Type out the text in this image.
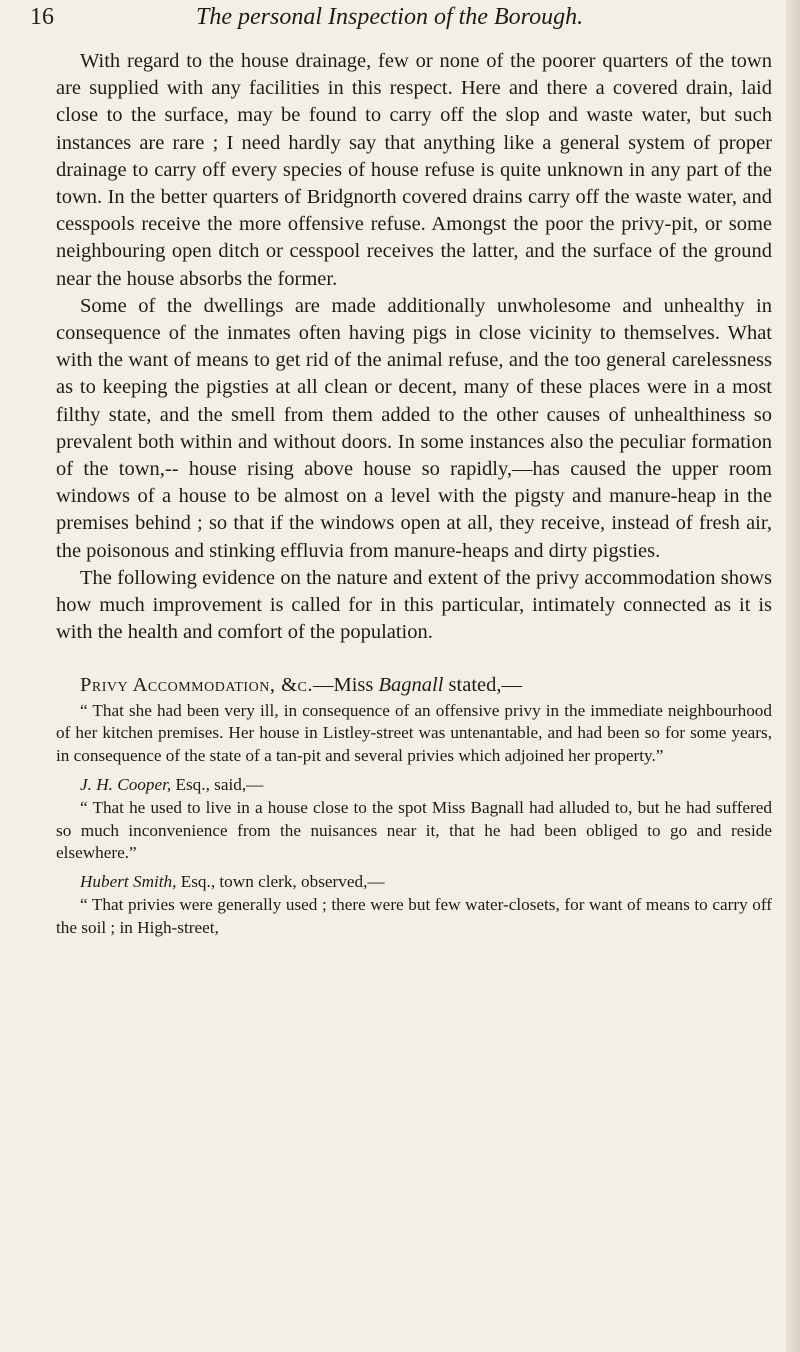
16	The personal Inspection of the Borough.

With regard to the house drainage, few or none of the poorer quarters of the town are supplied with any facilities in this respect. Here and there a covered drain, laid close to the surface, may be found to carry off the slop and waste water, but such instances are rare ; I need hardly say that anything like a general system of proper drainage to carry off every species of house refuse is quite unknown in any part of the town. In the better quarters of Bridgnorth covered drains carry off the waste water, and cesspools receive the more offensive refuse. Amongst the poor the privy-pit, or some neighbouring open ditch or cesspool receives the latter, and the surface of the ground near the house absorbs the former.

Some of the dwellings are made additionally unwholesome and unhealthy in consequence of the inmates often having pigs in close vicinity to themselves. What with the want of means to get rid of the animal refuse, and the too general carelessness as to keeping the pigsties at all clean or decent, many of these places were in a most filthy state, and the smell from them added to the other causes of unhealthiness so prevalent both within and without doors. In some instances also the peculiar formation of the town,-- house rising above house so rapidly,—has caused the upper room windows of a house to be almost on a level with the pigsty and manure-heap in the premises behind ; so that if the windows open at all, they receive, instead of fresh air, the poisonous and stinking effluvia from manure-heaps and dirty pigsties.

The following evidence on the nature and extent of the privy accommodation shows how much improvement is called for in this particular, intimately connected as it is with the health and comfort of the population.

Privy Accommodation, &c.—Miss Bagnall stated,—

“ That she had been very ill, in consequence of an offensive privy in the immediate neighbourhood of her kitchen premises. Her house in Listley-street was untenantable, and had been so for some years, in consequence of the state of a tan-pit and several privies which adjoined her property.”

J. H. Cooper, Esq., said,—

“ That he used to live in a house close to the spot Miss Bagnall had alluded to, but he had suffered so much inconvenience from the nuisances near it, that he had been obliged to go and reside elsewhere.”

Hubert Smith, Esq., town clerk, observed,—

“ That privies were generally used ; there were but few water-closets, for want of means to carry off the soil ; in High-street,
